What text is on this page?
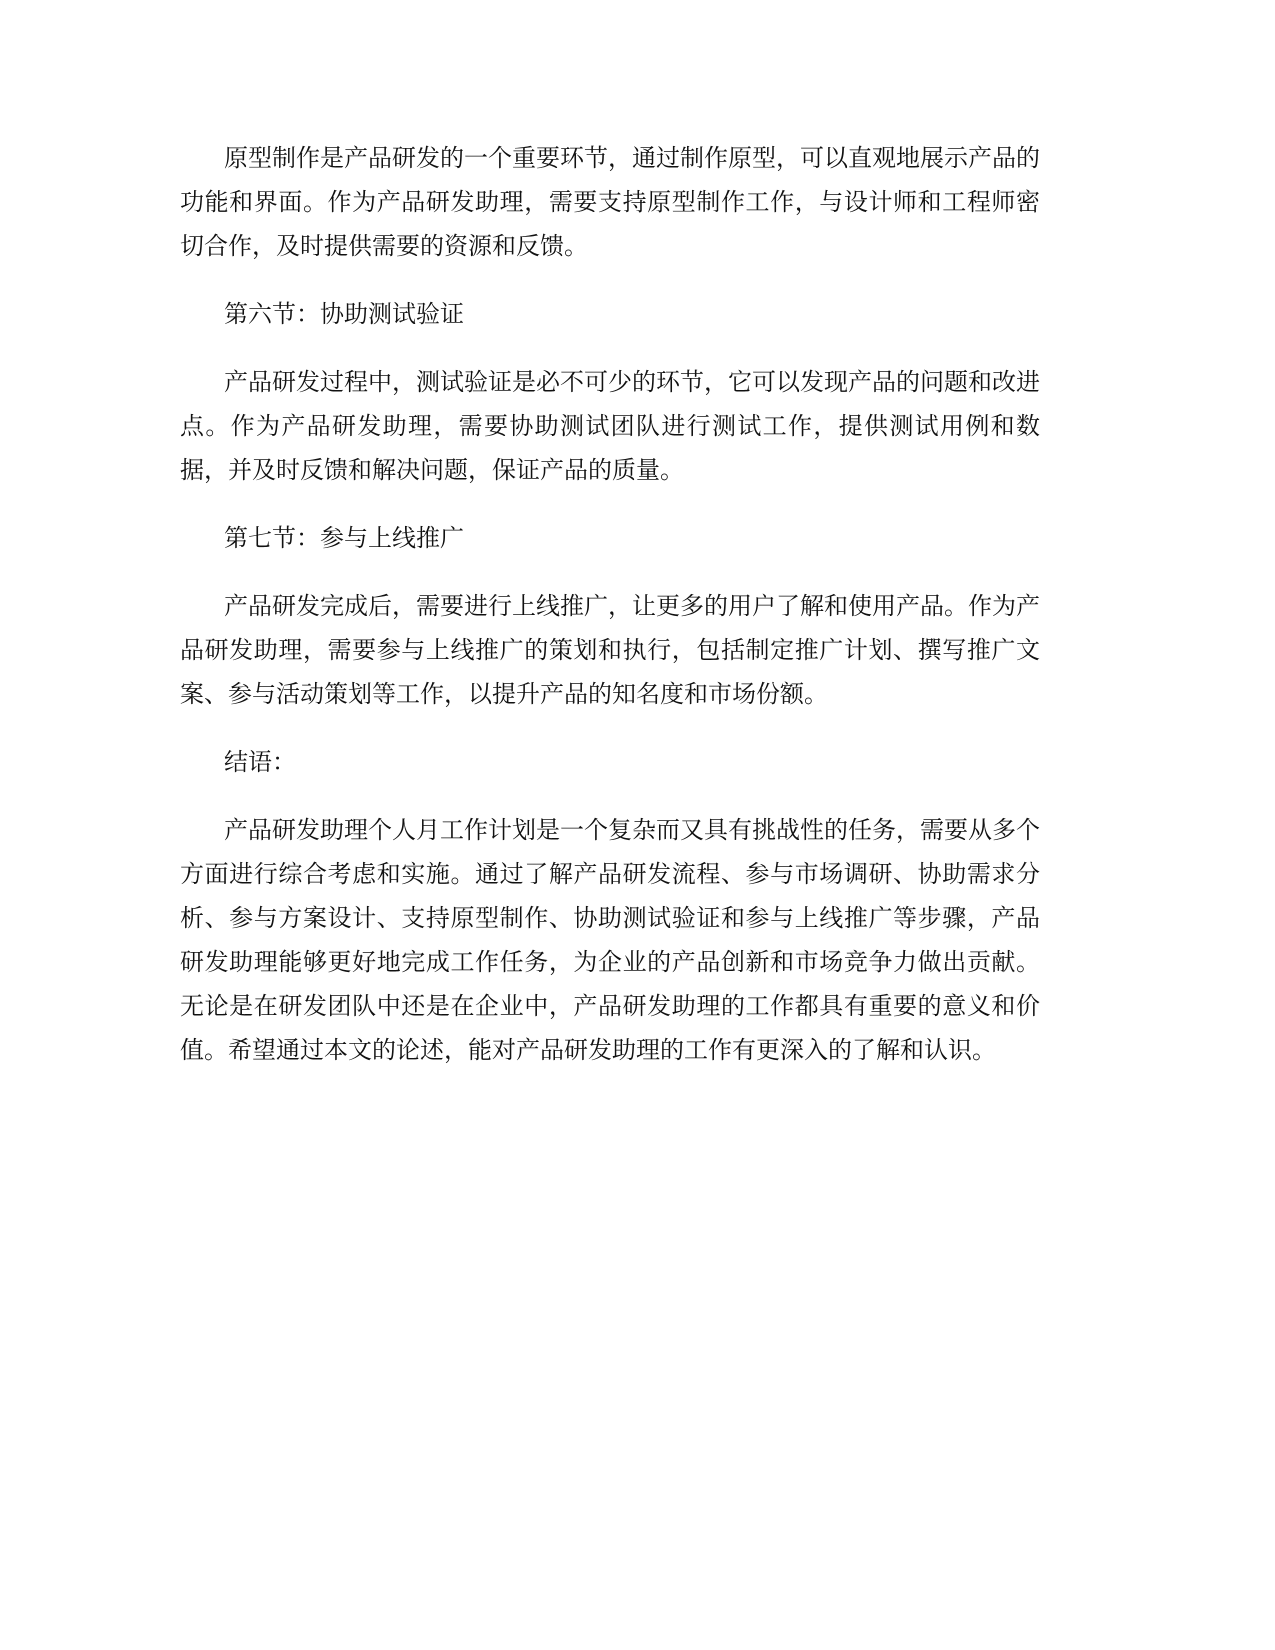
原型制作是产品研发的一个重要环节，通过制作原型，可以直观地展示产品的功能和界面。作为产品研发助理，需要支持原型制作工作，与设计师和工程师密切合作，及时提供需要的资源和反馈。

第六节：协助测试验证

产品研发过程中，测试验证是必不可少的环节，它可以发现产品的问题和改进点。作为产品研发助理，需要协助测试团队进行测试工作，提供测试用例和数据，并及时反馈和解决问题，保证产品的质量。

第七节：参与上线推广

产品研发完成后，需要进行上线推广，让更多的用户了解和使用产品。作为产品研发助理，需要参与上线推广的策划和执行，包括制定推广计划、撰写推广文案、参与活动策划等工作，以提升产品的知名度和市场份额。

结语：

产品研发助理个人月工作计划是一个复杂而又具有挑战性的任务，需要从多个方面进行综合考虑和实施。通过了解产品研发流程、参与市场调研、协助需求分析、参与方案设计、支持原型制作、协助测试验证和参与上线推广等步骤，产品研发助理能够更好地完成工作任务，为企业的产品创新和市场竞争力做出贡献。无论是在研发团队中还是在企业中，产品研发助理的工作都具有重要的意义和价值。希望通过本文的论述，能对产品研发助理的工作有更深入的了解和认识。
